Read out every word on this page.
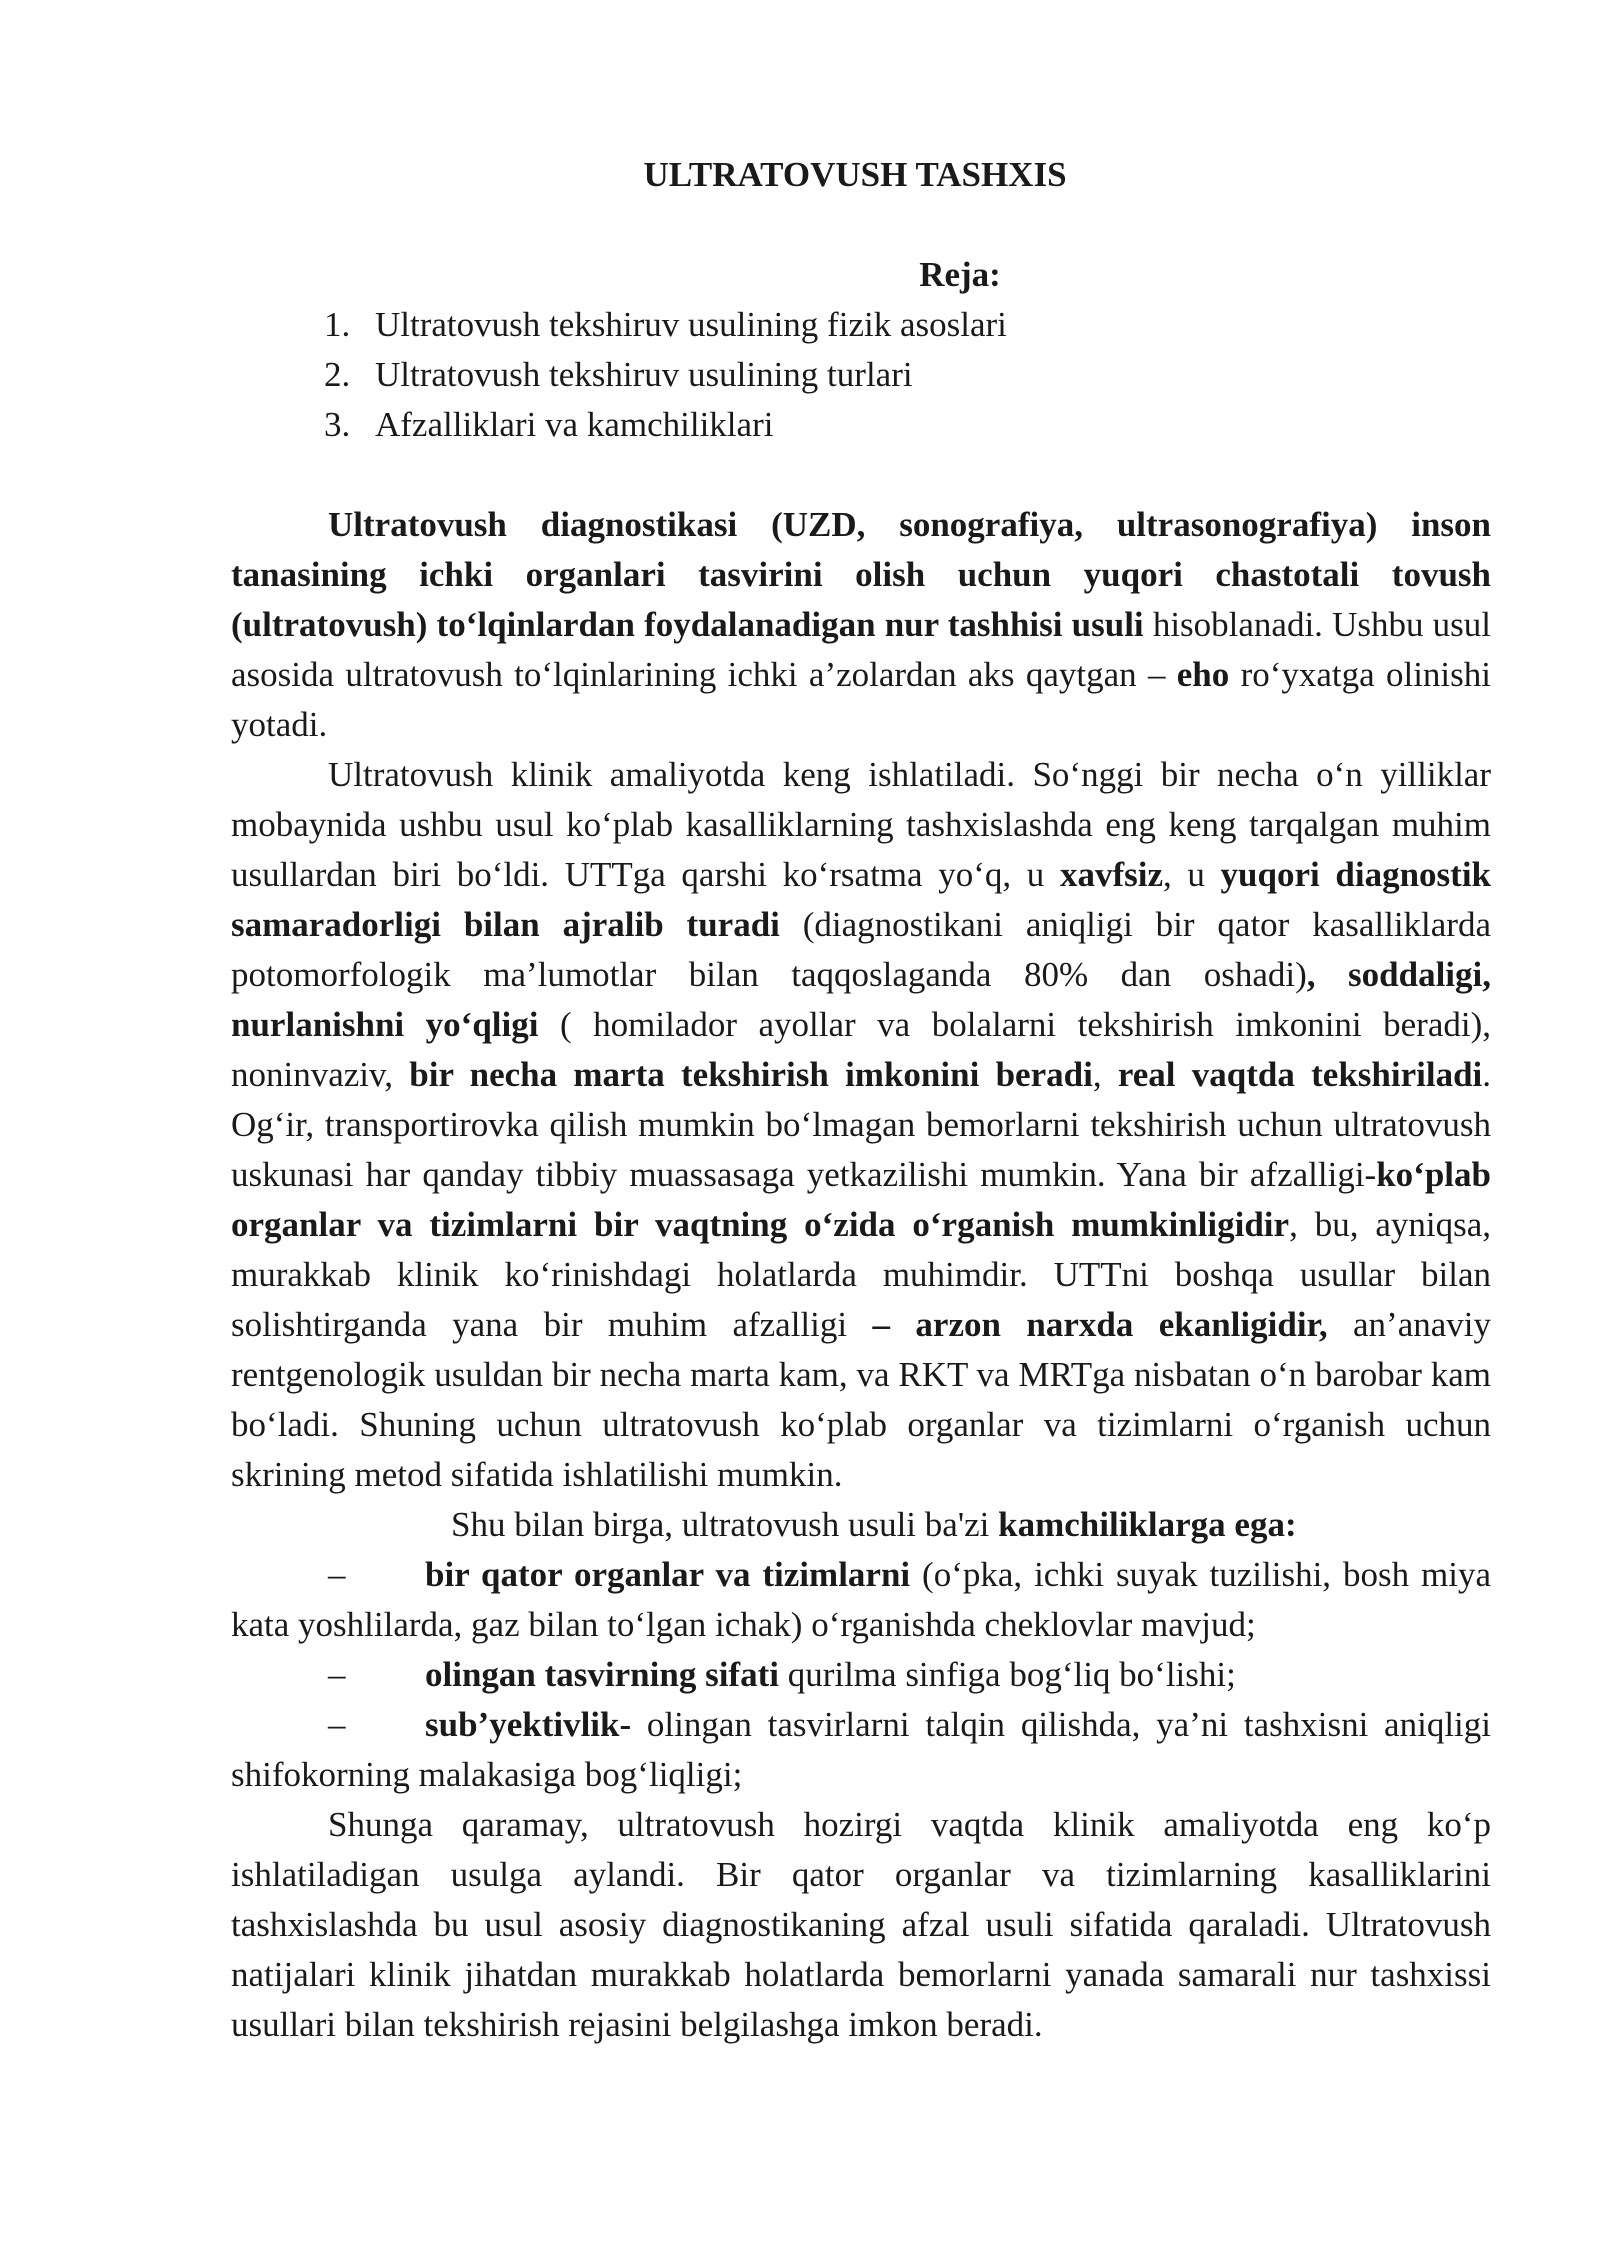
ULTRATOVUSH TASHXIS
Reja:
1. Ultratovush tekshiruv usulining fizik asoslari
2. Ultratovush tekshiruv usulining turlari
3. Afzalliklari va kamchiliklari

Ultratovush diagnostikasi (UZD, sonografiya, ultrasonografiya) inson tanasining ichki organlari tasvirini olish uchun yuqori chastotali tovush (ultratovush) to‘lqinlardan foydalanadigan nur tashhisi usuli hisoblanadi. Ushbu usul asosida ultratovush to‘lqinlarining ichki a’zolardan aks qaytgan – eho ro‘yxatga olinishi yotadi.

Ultratovush klinik amaliyotda keng ishlatiladi. So‘nggi bir necha o‘n yilliklar mobaynida ushbu usul ko‘plab kasalliklarning tashxislashda eng keng tarqalgan muhim usullardan biri bo‘ldi. UTTga qarshi ko‘rsatma yo‘q, u xavfsiz, u yuqori diagnostik samaradorligi bilan ajralib turadi (diagnostikani aniqligi bir qator kasalliklarda potomorfologik ma’lumotlar bilan taqqoslaganda 80% dan oshadi), soddaligi, nurlanishni yo‘qligi ( homilador ayollar va bolalarni tekshirish imkonini beradi), noninvaziv, bir necha marta tekshirish imkonini beradi, real vaqtda tekshiriladi. Og‘ir, transportirovka qilish mumkin bo‘lmagan bemorlarni tekshirish uchun ultratovush uskunasi har qanday tibbiy muassasaga yetkazilishi mumkin. Yana bir afzalligi-ko‘plab organlar va tizimlarni bir vaqtning o‘zida o‘rganish mumkinligidir, bu, ayniqsa, murakkab klinik ko‘rinishdagi holatlarda muhimdir. UTTni boshqa usullar bilan solishtirganda yana bir muhim afzalligi – arzon narxda ekanligidir, an’anaviy rentgenologik usuldan bir necha marta kam, va RKT va MRTga nisbatan o‘n barobar kam bo‘ladi. Shuning uchun ultratovush ko‘plab organlar va tizimlarni o‘rganish uchun skrining metod sifatida ishlatilishi mumkin.

Shu bilan birga, ultratovush usuli ba'zi kamchiliklarga ega:

– bir qator organlar va tizimlarni (o‘pka, ichki suyak tuzilishi, bosh miya kata yoshlilarda, gaz bilan to‘lgan ichak) o‘rganishda cheklovlar mavjud;

– olingan tasvirning sifati qurilma sinfiga bog‘liq bo‘lishi;

– sub’yektivlik- olingan tasvirlarni talqin qilishda, ya’ni tashxisni aniqligi shifokorning malakasiga bog‘liqligi;

Shunga qaramay, ultratovush hozirgi vaqtda klinik amaliyotda eng ko‘p ishlatiladigan usulga aylandi. Bir qator organlar va tizimlarning kasalliklarini tashxislashda bu usul asosiy diagnostikaning afzal usuli sifatida qaraladi. Ultratovush natijalari klinik jihatdan murakkab holatlarda bemorlarni yanada samarali nur tashxissi usullari bilan tekshirish rejasini belgilashga imkon beradi.
